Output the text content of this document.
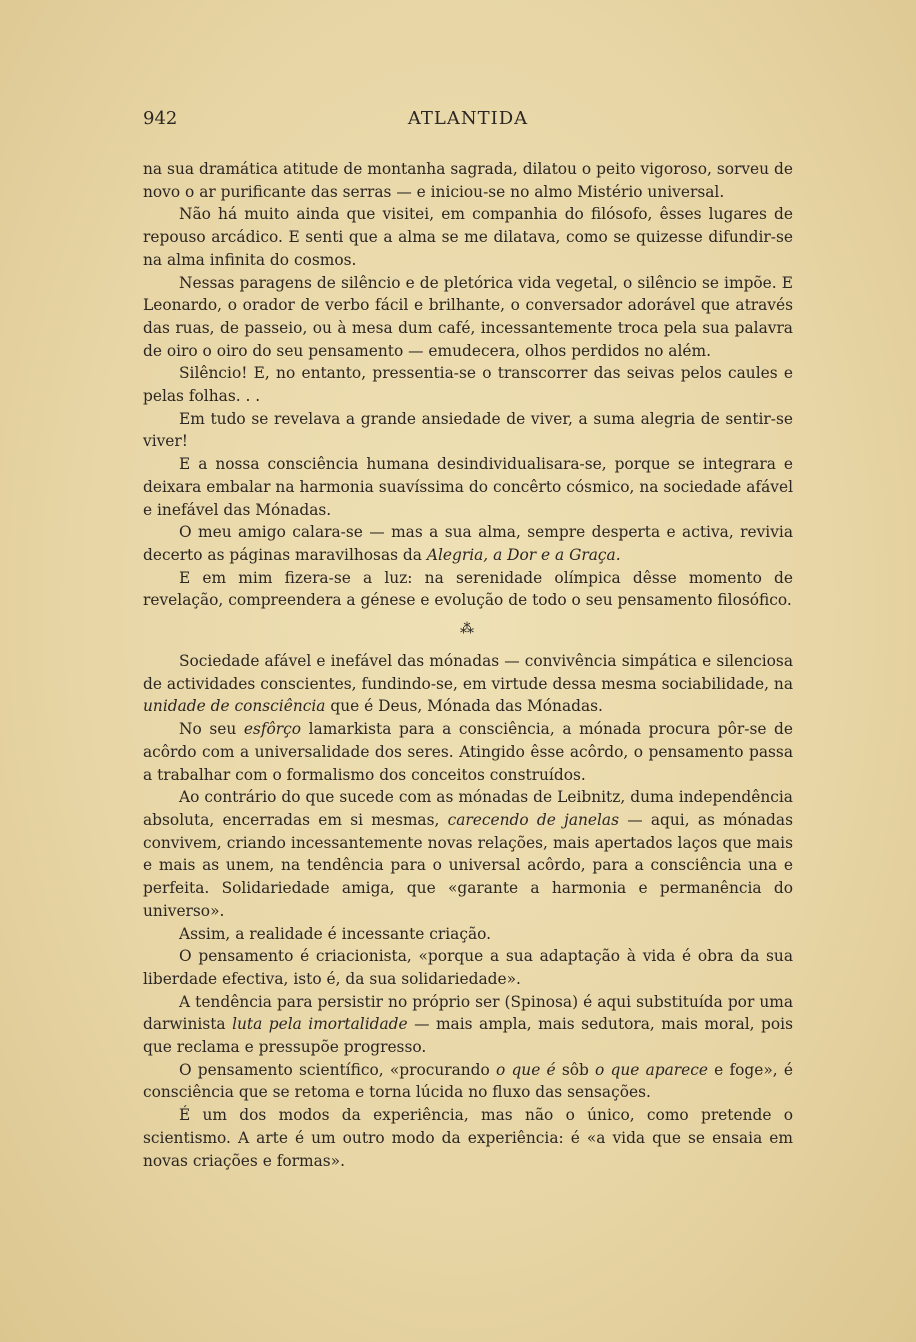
942	ATLANTIDA

na sua dramática atitude de montanha sagrada, dilatou o peito vigoroso, sorveu de novo o ar purificante das serras — e iniciou-se no almo Mistério universal.

Não há muito ainda que visitei, em companhia do filósofo, êsses lugares de repouso arcádico. E senti que a alma se me dilatava, como se quizesse difundir-se na alma infinita do cosmos.

Nessas paragens de silêncio e de pletórica vida vegetal, o silêncio se impõe. E Leonardo, o orador de verbo fácil e brilhante, o conversador adorável que através das ruas, de passeio, ou à mesa dum café, incessantemente troca pela sua palavra de oiro o oiro do seu pensamento — emudecera, olhos perdidos no além.

Silêncio! E, no entanto, pressentia-se o transcorrer das seivas pelos caules e pelas folhas. . .

Em tudo se revelava a grande ansiedade de viver, a suma alegria de sentir-se viver!

E a nossa consciência humana desindividualisara-se, porque se integrara e deixara embalar na harmonia suavíssima do concêrto cósmico, na sociedade afável e inefável das Mónadas.

O meu amigo calara-se — mas a sua alma, sempre desperta e activa, revivia decerto as páginas maravilhosas da Alegria, a Dor e a Graça.

E em mim fizera-se a luz: na serenidade olímpica dêsse momento de revelação, compreendera a génese e evolução de todo o seu pensamento filosófico.

⁂

Sociedade afável e inefável das mónadas — convivência simpática e silenciosa de actividades conscientes, fundindo-se, em virtude dessa mesma sociabilidade, na unidade de consciência que é Deus, Mónada das Mónadas.

No seu esfôrço lamarkista para a consciência, a mónada procura pôr-se de acôrdo com a universalidade dos seres. Atingido êsse acôrdo, o pensamento passa a trabalhar com o formalismo dos conceitos construídos.

Ao contrário do que sucede com as mónadas de Leibnitz, duma independência absoluta, encerradas em si mesmas, carecendo de janelas — aqui, as mónadas convivem, criando incessantemente novas relações, mais apertados laços que mais e mais as unem, na tendência para o universal acôrdo, para a consciência una e perfeita. Solidariedade amiga, que «garante a harmonia e permanência do universo».

Assim, a realidade é incessante criação.

O pensamento é criacionista, «porque a sua adaptação à vida é obra da sua liberdade efectiva, isto é, da sua solidariedade».

A tendência para persistir no próprio ser (Spinosa) é aqui substituída por uma darwinista luta pela imortalidade — mais ampla, mais sedutora, mais moral, pois que reclama e pressupõe progresso.

O pensamento scientífico, «procurando o que é sôb o que aparece e foge», é consciência que se retoma e torna lúcida no fluxo das sensações.

É um dos modos da experiência, mas não o único, como pretende o scientismo. A arte é um outro modo da experiência: é «a vida que se ensaia em novas criações e formas».
